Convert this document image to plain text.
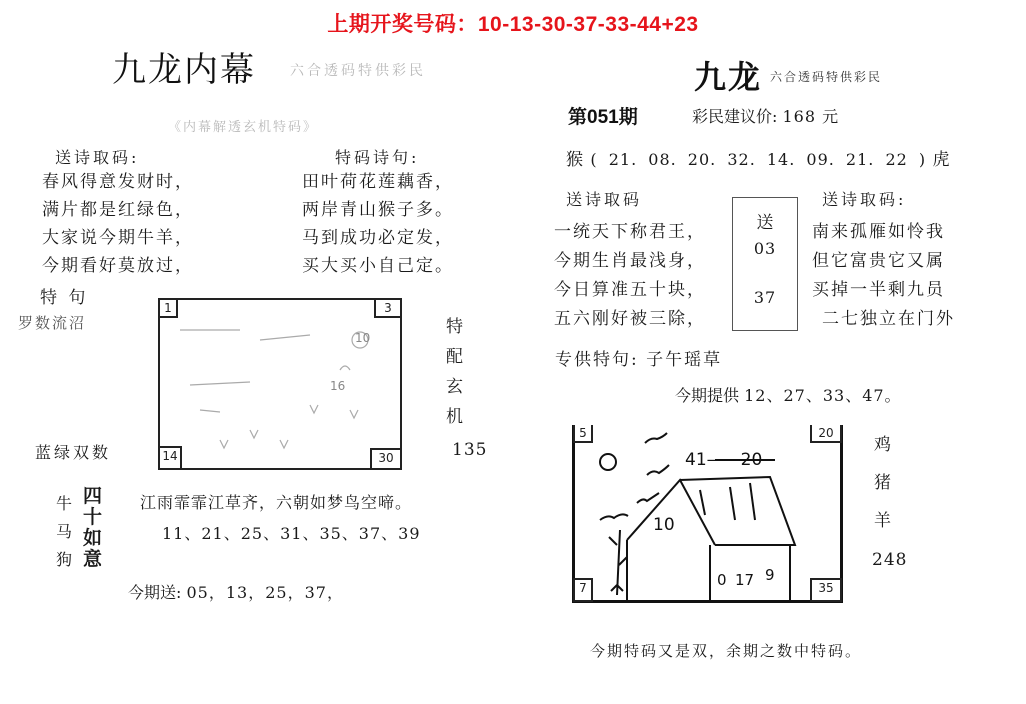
上期开奖号码：10-13-30-37-33-44+23
九龙内幕 六合透码特供彩民
《内幕解透玄机特码》
送诗取码:
春风得意发财时，
满片都是红绿色，
大家说今期牛羊，
今期看好莫放过，
特码诗句:
田叶荷花莲藕香，
两岸青山猴子多。
马到成功必定发，
买大买小自己定。
特 句
罗数流沼
蓝绿双数
16
10
1	3
14	30
特
配
玄
机
135
牛
马
狗
四
十
如
意
江雨霏霏江草齐，六朝如梦鸟空啼。
11、21、25、31、35、37、39
今期送: 05，13，25，37，
九龙 六合透码特供彩民
第051期	彩民建议价: 168 元
猴 ( 21. 08. 20. 32. 14. 09. 21. 22 ) 虎
送诗取码
一统天下称君王，
今期生肖最浅身，
今日算准五十块，
五六刚好被三除，
送
03
37
送诗取码:
南来孤雁如怜我
但它富贵它又属
买掉一半剩九员
二七独立在门外
专供特句: 子午瑶草
今期提供 12、27、33、47。
41——20
10
0 17 9
5	20
7	35
鸡
猪
羊
248
今期特码又是双，余期之数中特码。
